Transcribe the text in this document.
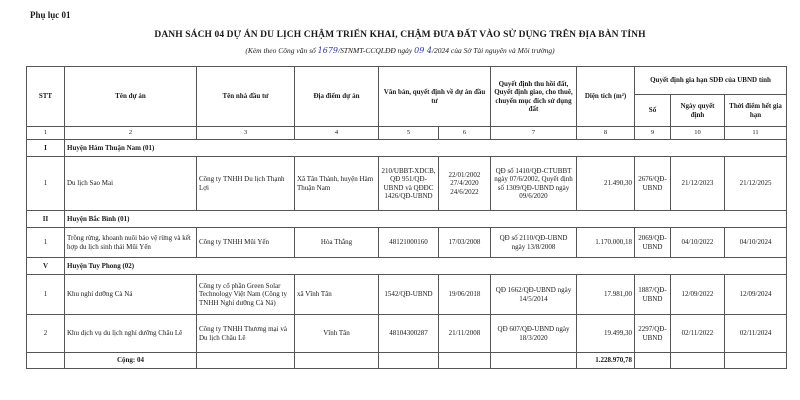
Phụ lục 01
DANH SÁCH 04 DỰ ÁN DU LỊCH CHẬM TRIỂN KHAI, CHẬM ĐƯA ĐẤT VÀO SỬ DỤNG TRÊN ĐỊA BÀN TỈNH
(Kèm theo Công văn số 1679/STNMT-CCQLĐĐ ngày 09 4/2024 của Sở Tài nguyên và Môi trường)
STT	Tên dự án	Tên nhà đầu tư	Địa điểm dự án	Văn bản, quyết định về dự án đầu tư		Quyết định thu hồi đất, Quyết định giao, cho thuê, chuyển mục đích sử dụng đất	Diện tích (m²)	Quyết định gia hạn SDĐ của UBND tỉnh		
								Số	Ngày quyết định	Thời điểm hết gia hạn
1	2	3	4	5	6	7	8	9	10	11
I	Huyện Hàm Thuận Nam (01)									
1	Du lịch Sao Mai	Công ty TNHH Du lịch Thạnh Lợi	Xã Tân Thành, huyện Hàm Thuận Nam	210/UBBT-XDCB, QĐ 951/QĐ-UBND và QĐĐC 1426/QĐ-UBND	22/01/2002 27/4/2020 24/6/2022	QĐ số 1410/QĐ-CTUBBT ngày 07/6/2002, Quyết định số 1309/QĐ-UBND ngày 09/6/2020	21.490,30	2676/QĐ-UBND	21/12/2023	21/12/2025
II	Huyện Bắc Bình (01)									
1	Trồng rừng, khoanh nuôi bảo vệ rừng và kết hợp du lịch sinh thái Mũi Yến	Công ty TNHH Mũi Yến	Hòa Thắng	48121000160	17/03/2008	QĐ số 2110/QĐ-UBND ngày 13/8/2008	1.170.000,18	2069/QĐ-UBND	04/10/2022	04/10/2024
V	Huyện Tuy Phong (02)									
1	Khu nghỉ dưỡng Cà Ná	Công ty cổ phần Green Solar Technology Việt Nam (Công ty TNHH Nghỉ dưỡng Cà Ná)	xã Vĩnh Tân	1542/QĐ-UBND	19/06/2018	QĐ 1662/QĐ-UBND ngày 14/5/2014	17.981,00	1887/QĐ-UBND	12/09/2022	12/09/2024
2	Khu dịch vụ du lịch nghỉ dưỡng Châu Lê	Công ty TNHH Thương mại và Du lịch Châu Lê	Vĩnh Tân	48104300287	21/11/2008	QĐ 607/QĐ-UBND ngày 18/3/2020	19.499,30	2297/QĐ-UBND	02/11/2022	02/11/2024
	Cộng: 04						1.228.970,78			
